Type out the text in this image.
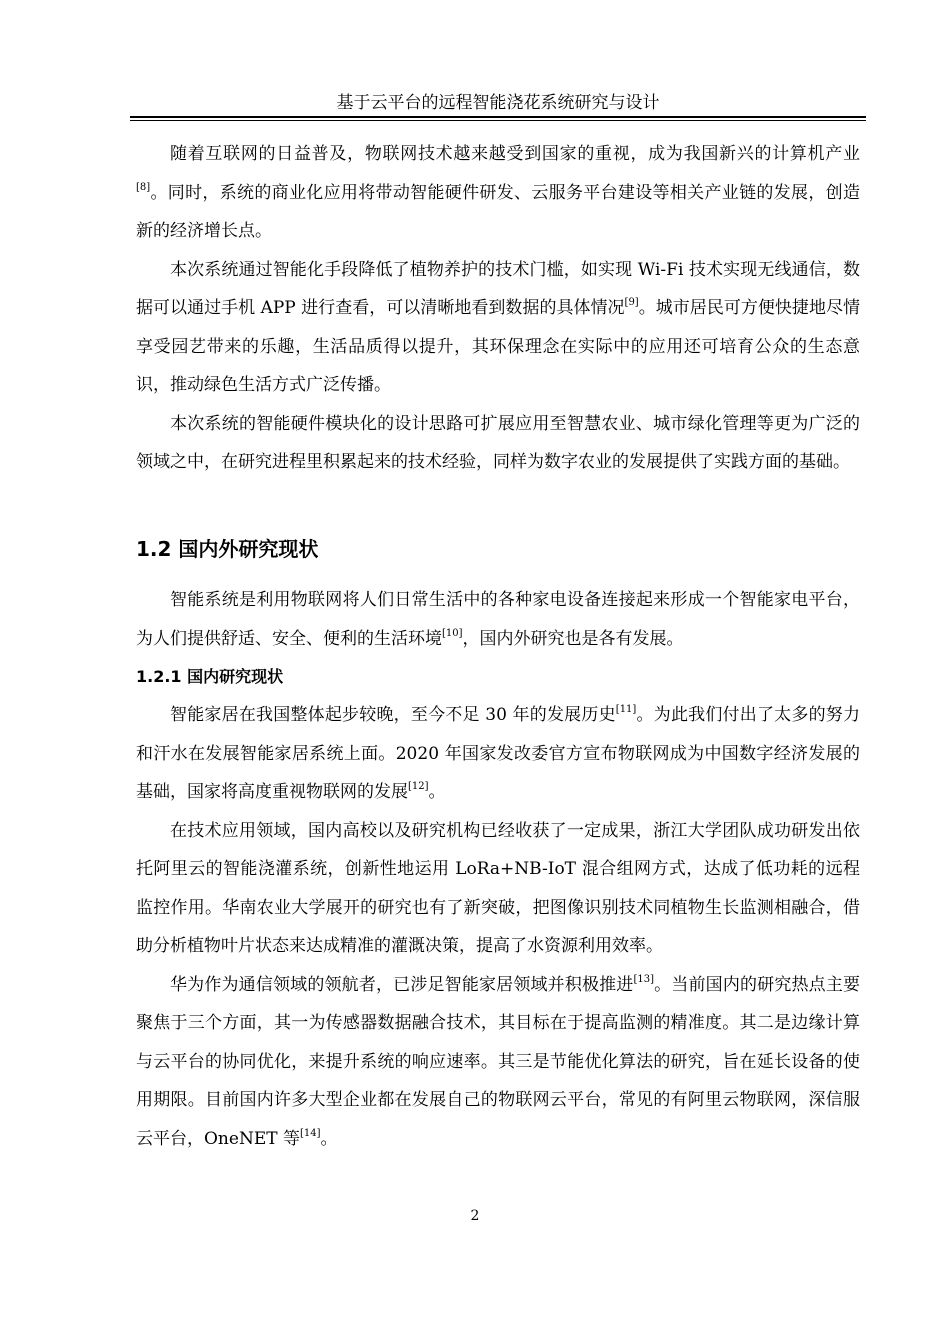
基于云平台的远程智能浇花系统研究与设计

随着互联网的日益普及，物联网技术越来越受到国家的重视，成为我国新兴的计算机产业[8]。同时，系统的商业化应用将带动智能硬件研发、云服务平台建设等相关产业链的发展，创造新的经济增长点。

本次系统通过智能化手段降低了植物养护的技术门槛，如实现 Wi-Fi 技术实现无线通信，数据可以通过手机 APP 进行查看，可以清晰地看到数据的具体情况[9]。城市居民可方便快捷地尽情享受园艺带来的乐趣，生活品质得以提升，其环保理念在实际中的应用还可培育公众的生态意识，推动绿色生活方式广泛传播。

本次系统的智能硬件模块化的设计思路可扩展应用至智慧农业、城市绿化管理等更为广泛的领域之中，在研究进程里积累起来的技术经验，同样为数字农业的发展提供了实践方面的基础。

1.2 国内外研究现状

智能系统是利用物联网将人们日常生活中的各种家电设备连接起来形成一个智能家电平台，为人们提供舒适、安全、便利的生活环境[10]，国内外研究也是各有发展。

1.2.1 国内研究现状

智能家居在我国整体起步较晚，至今不足 30 年的发展历史[11]。为此我们付出了太多的努力和汗水在发展智能家居系统上面。2020 年国家发改委官方宣布物联网成为中国数字经济发展的基础，国家将高度重视物联网的发展[12]。

在技术应用领域，国内高校以及研究机构已经收获了一定成果，浙江大学团队成功研发出依托阿里云的智能浇灌系统，创新性地运用 LoRa+NB-IoT 混合组网方式，达成了低功耗的远程监控作用。华南农业大学展开的研究也有了新突破，把图像识别技术同植物生长监测相融合，借助分析植物叶片状态来达成精准的灌溉决策，提高了水资源利用效率。

华为作为通信领域的领航者，已涉足智能家居领域并积极推进[13]。当前国内的研究热点主要聚焦于三个方面，其一为传感器数据融合技术，其目标在于提高监测的精准度。其二是边缘计算与云平台的协同优化，来提升系统的响应速率。其三是节能优化算法的研究，旨在延长设备的使用期限。目前国内许多大型企业都在发展自己的物联网云平台，常见的有阿里云物联网，深信服云平台，OneNET 等[14]。

2
